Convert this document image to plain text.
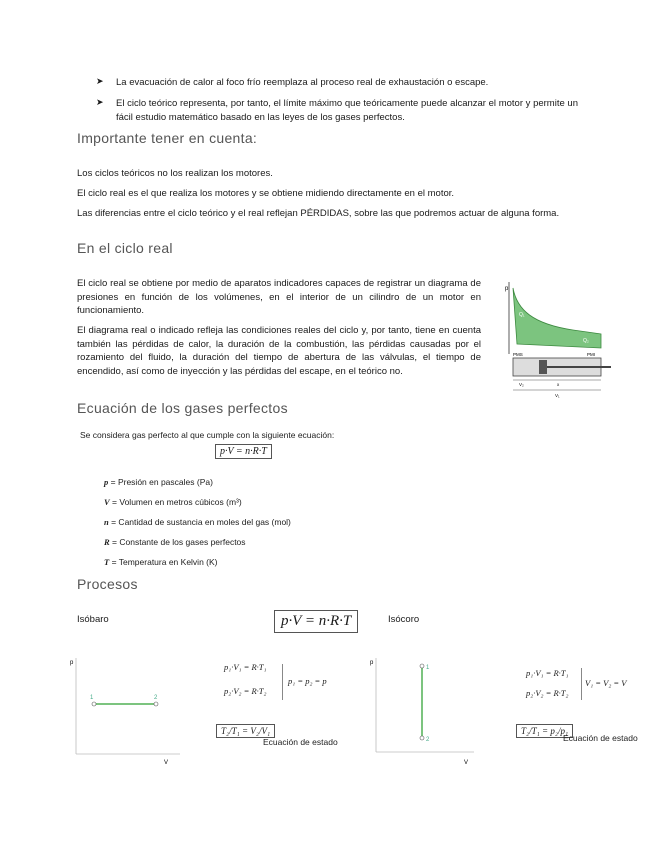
➤ La evacuación de calor al foco frío reemplaza al proceso real de exhaustación o escape.
➤ El ciclo teórico representa, por tanto, el límite máximo que teóricamente puede alcanzar el motor y permite un fácil estudio matemático basado en las leyes de los gases perfectos.
Importante tener en cuenta:
Los ciclos teóricos no los realizan los motores.
El ciclo real es el que realiza los motores y se obtiene midiendo directamente en el motor.
Las diferencias entre el ciclo teórico y el real reflejan PÉRDIDAS, sobre las que podremos actuar de alguna forma.
En el ciclo real
El ciclo real se obtiene por medio de aparatos indicadores capaces de registrar un diagrama de presiones en función de los volúmenes, en el interior de un cilindro de un motor en funcionamiento.
El diagrama real o indicado refleja las condiciones reales del ciclo y, por tanto, tiene en cuenta también las pérdidas de calor, la duración de la combustión, las pérdidas causadas por el rozamiento del fluido, la duración del tiempo de abertura de las válvulas, el tiempo de encendido, así como de inyección y las pérdidas del escape, en el teórico no.
p
W
Q₁
Q₂
PMS	PMI
V₂	x
V₁
Ecuación de los gases perfectos
Se considera gas perfecto al que cumple con la siguiente ecuación:
p·V = n·R·T
p = Presión en pascales (Pa)
V = Volumen en metros cúbicos (m³)
n = Cantidad de sustancia en moles del gas (mol)
R = Constante de los gases perfectos
T = Temperatura en Kelvin (K)
Procesos
Isóbaro	p·V = n·R·T	Isócoro
p
V
1	2
p₁·V₁ = R·T₁
p₂·V₂ = R·T₂
p₁ = p₂ = p
T₂/T₁ = V₂/V₁
Ecuación de estado
p
V
1
2
p₁·V₁ = R·T₁
p₂·V₂ = R·T₂
V₁ = V₂ = V
T₂/T₁ = p₂/p₁
Ecuación de estado
